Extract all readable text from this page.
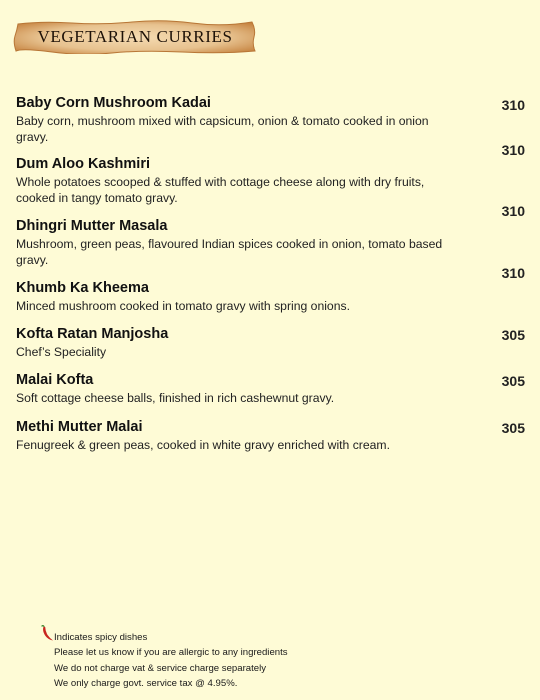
VEGETARIAN CURRIES
Baby Corn Mushroom Kadai
Baby corn, mushroom mixed with capsicum, onion & tomato cooked in onion gravy.
310
Dum Aloo Kashmiri
Whole potatoes scooped & stuffed with cottage cheese along with dry fruits, cooked in tangy tomato gravy.
310
Dhingri Mutter Masala
Mushroom, green peas, flavoured Indian spices cooked in onion, tomato based gravy.
310
Khumb Ka Kheema
Minced mushroom cooked in tomato gravy with spring onions.
310
Kofta Ratan Manjosha
Chef’s Speciality
305
Malai Kofta
Soft cottage cheese balls, finished in rich cashewnut gravy.
305
Methi Mutter Malai
Fenugreek & green peas, cooked in white gravy enriched with cream.
305
Indicates spicy dishes
Please let us know if you are allergic to any ingredients
We do not charge vat & service charge separately
We only charge govt. service tax @ 4.95%.
